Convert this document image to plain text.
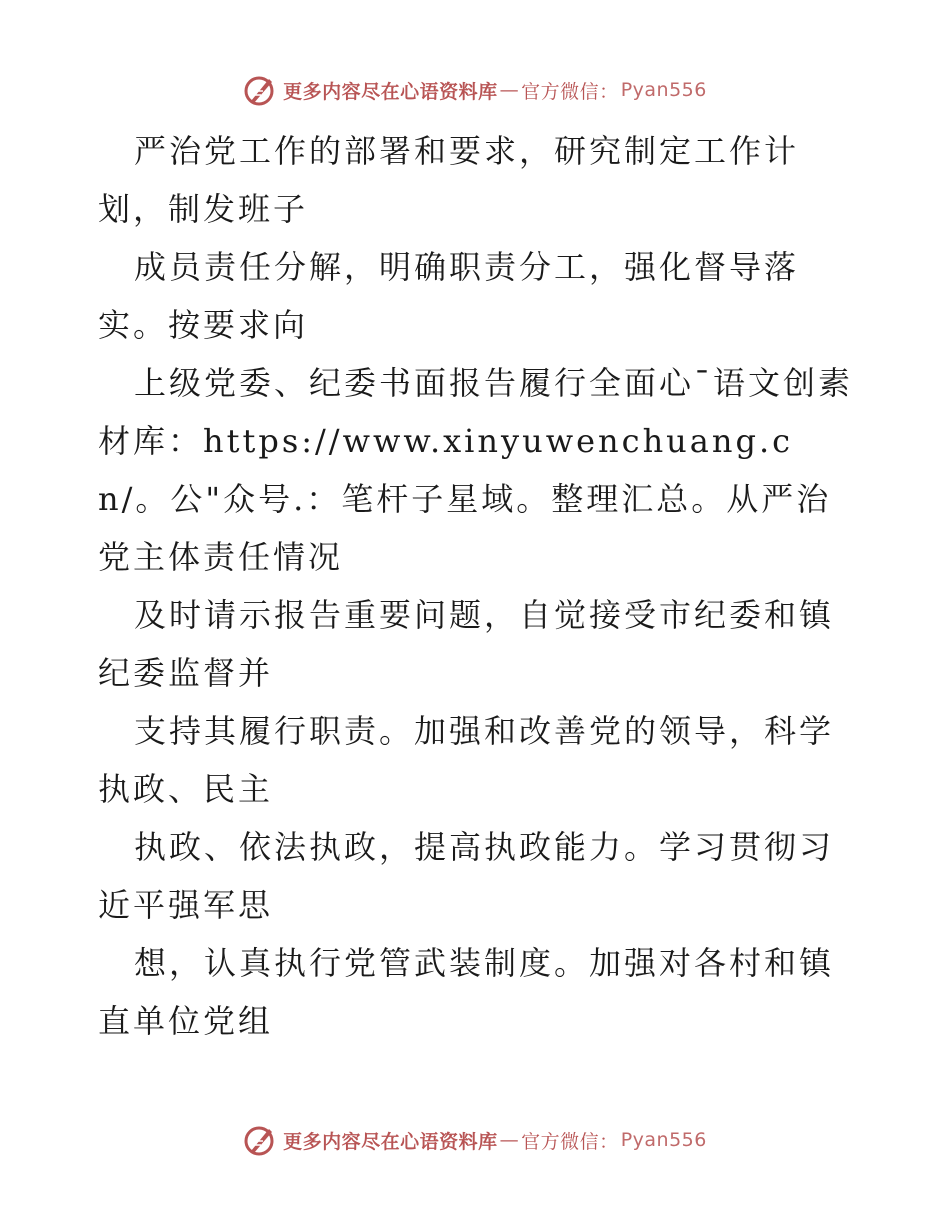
更多内容尽在心语资料库 — 官方微信： Pyan556

严治党工作的部署和要求，研究制定工作计划，制发班子

成员责任分解，明确职责分工，强化督导落实。按要求向

上级党委、纪委书面报告履行全面心¯语文创素材库：https://www.xinyuwenchuang.cn/。公"众号.：笔杆子星域。整理汇总。从严治党主体责任情况

及时请示报告重要问题，自觉接受市纪委和镇纪委监督并

支持其履行职责。加强和改善党的领导，科学执政、民主

执政、依法执政，提高执政能力。学习贯彻习近平强军思

想，认真执行党管武装制度。加强对各村和镇直单位党组

更多内容尽在心语资料库 — 官方微信： Pyan556
